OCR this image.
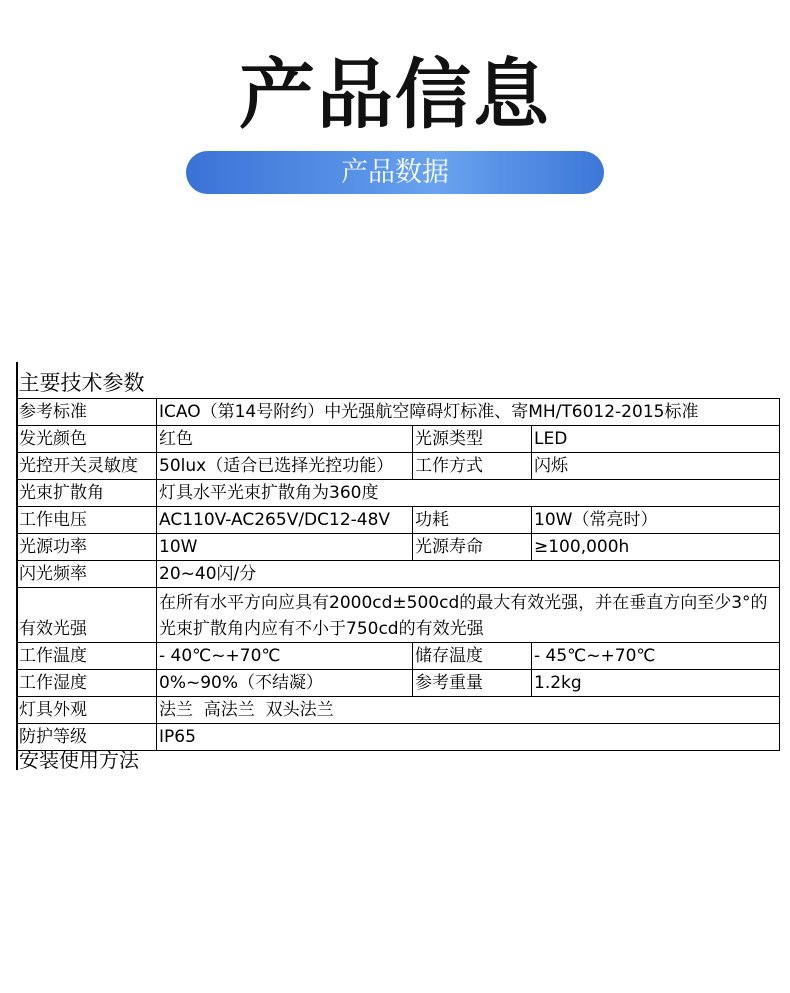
产品信息
产品数据
主要技术参数			
参考标准	ICAO（第14号附约）中光强航空障碍灯标准、寄MH/T6012-2015标准		
发光颜色	红色	光源类型	LED
光控开关灵敏度	50lux（适合已选择光控功能）	工作方式	闪烁
光束扩散角	灯具水平光束扩散角为360度		
工作电压	AC110V-AC265V/DC12-48V	功耗	10W（常亮时）
光源功率	10W	光源寿命	≥100,000h
闪光频率	20~40闪/分		
有效光强	在所有水平方向应具有2000cd±500cd的最大有效光强，并在垂直方向至少3°的光束扩散角内应有不小于750cd的有效光强		
工作温度	- 40℃~+70℃	储存温度	- 45℃~+70℃
工作湿度	0%~90%（不结凝）	参考重量	1.2kg
灯具外观	法兰  高法兰  双头法兰		
防护等级	IP65		
安装使用方法
